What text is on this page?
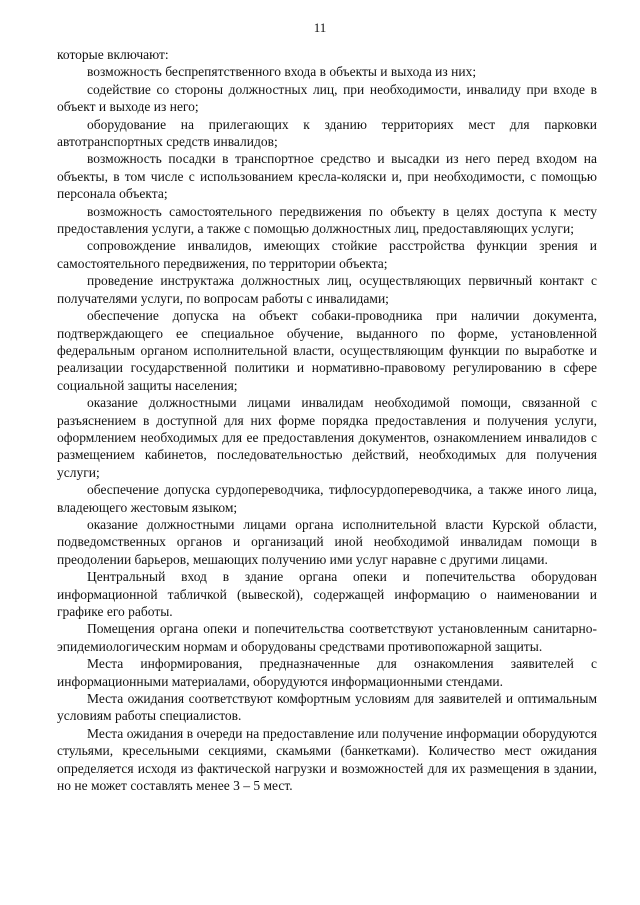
11

которые включают:

возможность беспрепятственного входа в объекты и выхода из них;

содействие со стороны должностных лиц, при необходимости, инвалиду при входе в объект и выходе из него;

оборудование на прилегающих к зданию территориях мест для парковки автотранспортных средств инвалидов;

возможность посадки в транспортное средство и высадки из него перед входом на объекты, в том числе с использованием кресла-коляски и, при необходимости, с помощью персонала объекта;

возможность самостоятельного передвижения по объекту в целях доступа к месту предоставления услуги, а также с помощью должностных лиц, предоставляющих услуги;

сопровождение инвалидов, имеющих стойкие расстройства функции зрения и самостоятельного передвижения, по территории объекта;

проведение инструктажа должностных лиц, осуществляющих первичный контакт с получателями услуги, по вопросам работы с инвалидами;

обеспечение допуска на объект собаки-проводника при наличии документа, подтверждающего ее специальное обучение, выданного по форме, установленной федеральным органом исполнительной власти, осуществляющим функции по выработке и реализации государственной политики и нормативно-правовому регулированию в сфере социальной защиты населения;

оказание должностными лицами инвалидам необходимой помощи, связанной с разъяснением в доступной для них форме порядка предоставления и получения услуги, оформлением необходимых для ее предоставления документов, ознакомлением инвалидов с размещением кабинетов, последовательностью действий, необходимых для получения услуги;

обеспечение допуска сурдопереводчика, тифлосурдопереводчика, а также иного лица, владеющего жестовым языком;

оказание должностными лицами органа исполнительной власти Курской области, подведомственных органов и организаций иной необходимой инвалидам помощи в преодолении барьеров, мешающих получению ими услуг наравне с другими лицами.

Центральный вход в здание органа опеки и попечительства оборудован информационной табличкой (вывеской), содержащей информацию о наименовании и графике его работы.

Помещения органа опеки и попечительства соответствуют установленным санитарно-эпидемиологическим нормам и оборудованы средствами противопожарной защиты.

Места информирования, предназначенные для ознакомления заявителей с информационными материалами, оборудуются информационными стендами.

Места ожидания соответствуют комфортным условиям для заявителей и оптимальным условиям работы специалистов.

Места ожидания в очереди на предоставление или получение информации оборудуются стульями, кресельными секциями, скамьями (банкетками). Количество мест ожидания определяется исходя из фактической нагрузки и возможностей для их размещения в здании, но не может составлять менее 3 – 5 мест.
